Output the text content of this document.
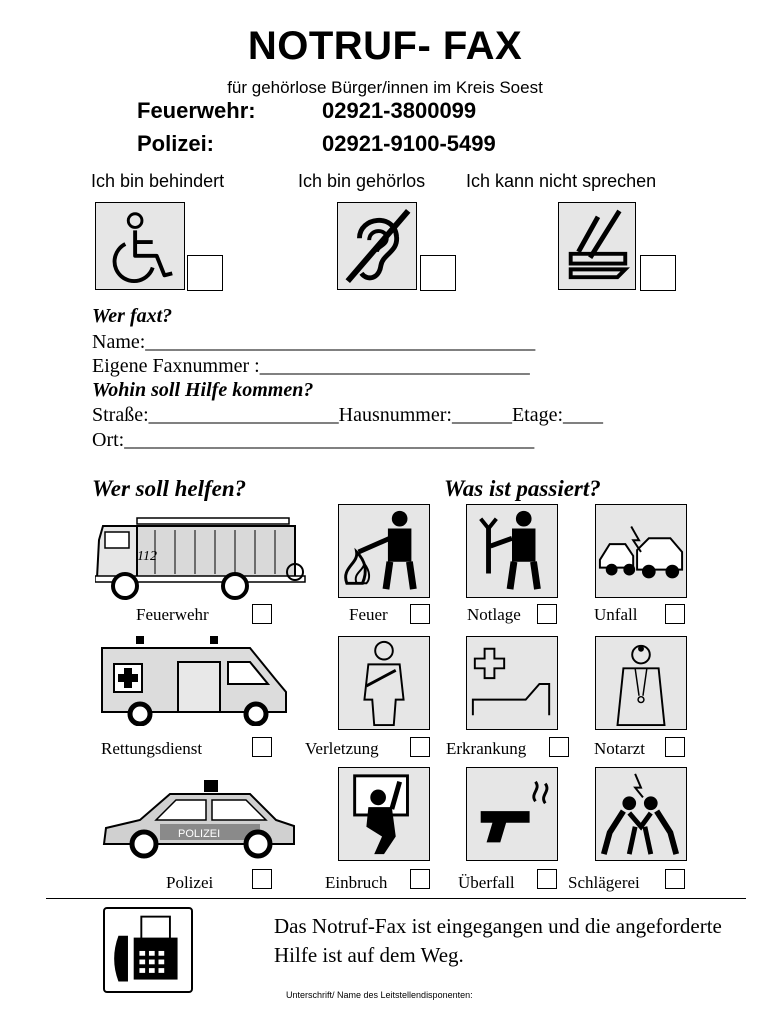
NOTRUF- FAX
für gehörlose Bürger/innen im Kreis Soest
Feuerwehr:	02921-3800099
Polizei:	02921-9100-5499
Ich bin behindert	Ich bin gehörlos Ich kann nicht sprechen
Wer faxt?
Name:_______________________________________
Eigene Faxnummer :___________________________
Wohin soll Hilfe kommen?
Straße:___________________Hausnummer:______Etage:____
Ort:_________________________________________
Wer soll helfen?	Was ist passiert?
112
Feuerwehr
Rettungsdienst
POLIZEI
Polizei
Feuer	Notlage	Unfall
Verletzung	Erkrankung	Notarzt
Einbruch	Überfall	Schlägerei
Das Notruf-Fax ist eingegangen und die angeforderte Hilfe ist auf dem Weg.
Unterschrift/ Name des Leitstellendisponenten:
